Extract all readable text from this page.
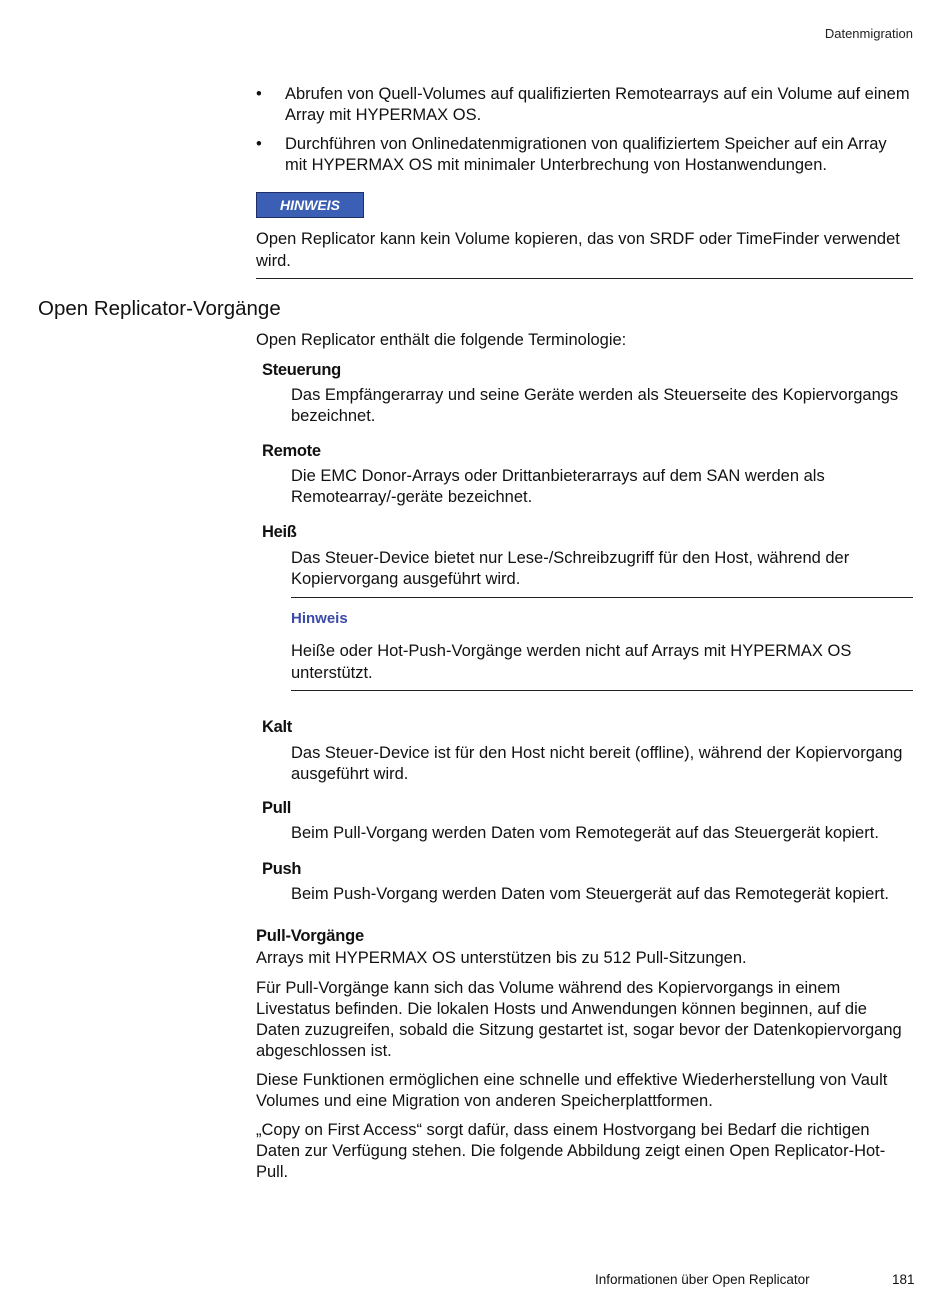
Datenmigration
• Abrufen von Quell-Volumes auf qualifizierten Remotearrays auf ein Volume auf einem Array mit HYPERMAX OS.
• Durchführen von Onlinedatenmigrationen von qualifiziertem Speicher auf ein Array mit HYPERMAX OS mit minimaler Unterbrechung von Hostanwendungen.
HINWEIS
Open Replicator kann kein Volume kopieren, das von SRDF oder TimeFinder verwendet wird.
Open Replicator-Vorgänge
Open Replicator enthält die folgende Terminologie:
Steuerung
Das Empfängerarray und seine Geräte werden als Steuerseite des Kopiervorgangs bezeichnet.
Remote
Die EMC Donor-Arrays oder Drittanbieterarrays auf dem SAN werden als Remotearray/-geräte bezeichnet.
Heiß
Das Steuer-Device bietet nur Lese-/Schreibzugriff für den Host, während der Kopiervorgang ausgeführt wird.
Hinweis
Heiße oder Hot-Push-Vorgänge werden nicht auf Arrays mit HYPERMAX OS unterstützt.
Kalt
Das Steuer-Device ist für den Host nicht bereit (offline), während der Kopiervorgang ausgeführt wird.
Pull
Beim Pull-Vorgang werden Daten vom Remotegerät auf das Steuergerät kopiert.
Push
Beim Push-Vorgang werden Daten vom Steuergerät auf das Remotegerät kopiert.
Pull-Vorgänge
Arrays mit HYPERMAX OS unterstützen bis zu 512 Pull-Sitzungen.
Für Pull-Vorgänge kann sich das Volume während des Kopiervorgangs in einem Livestatus befinden. Die lokalen Hosts und Anwendungen können beginnen, auf die Daten zuzugreifen, sobald die Sitzung gestartet ist, sogar bevor der Datenkopiervorgang abgeschlossen ist.
Diese Funktionen ermöglichen eine schnelle und effektive Wiederherstellung von Vault Volumes und eine Migration von anderen Speicherplattformen.
„Copy on First Access“ sorgt dafür, dass einem Hostvorgang bei Bedarf die richtigen Daten zur Verfügung stehen. Die folgende Abbildung zeigt einen Open Replicator-Hot-Pull.
Informationen über Open Replicator	181
